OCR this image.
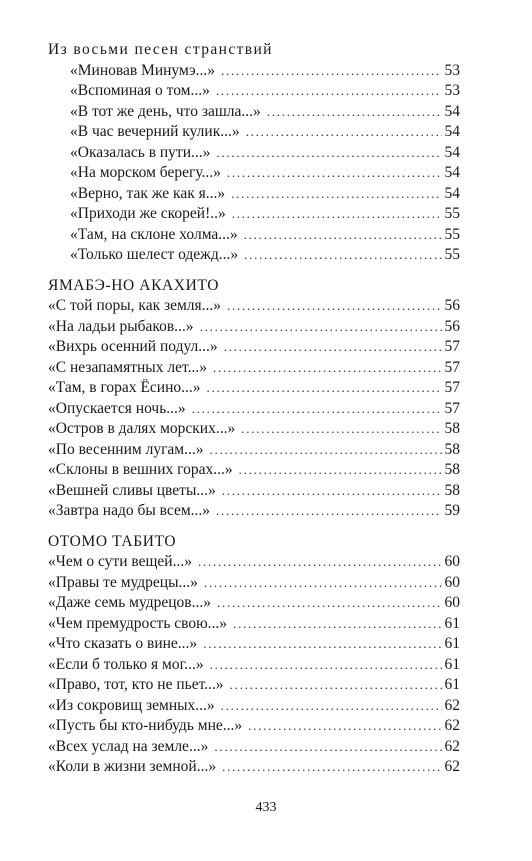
Из восьми песен странствий
«Миновав Минумэ...» . . .	53
«Вспоминая о том...» . . .	53
«В тот же день, что зашла...» . . .	54
«В час вечерний кулик...» . . .	54
«Оказалась в пути...» . . .	54
«На морском берегу...» . . .	54
«Верно, так же как я...» . . .	54
«Приходи же скорей!..» . . .	55
«Там, на склоне холма...» . . .	55
«Только шелест одежд...» . . .	55
ЯМАБЭ-НО АКАХИТО
«С той поры, как земля...» . . .	56
«На ладьи рыбаков...» . . .	56
«Вихрь осенний подул...» . . .	57
«С незапамятных лет...» . . .	57
«Там, в горах Ёсино...» . . .	57
«Опускается ночь...» . . .	57
«Остров в далях морских...» . . .	58
«По весенним лугам...» . . .	58
«Склоны в вешних горах...» . . .	58
«Вешней сливы цветы...» . . .	58
«Завтра надо бы всем...» . . .	59
ОТОМО ТАБИТО
«Чем о сути вещей...» . . .	60
«Правы те мудрецы...» . . .	60
«Даже семь мудрецов...» . . .	60
«Чем премудрость свою...» . . .	61
«Что сказать о вине...» . . .	61
«Если б только я мог...» . . .	61
«Право, тот, кто не пьет...» . . .	61
«Из сокровищ земных...» . . .	62
«Пусть бы кто-нибудь мне...» . . .	62
«Всех услад на земле...» . . .	62
«Коли в жизни земной...» . . .	62
433
